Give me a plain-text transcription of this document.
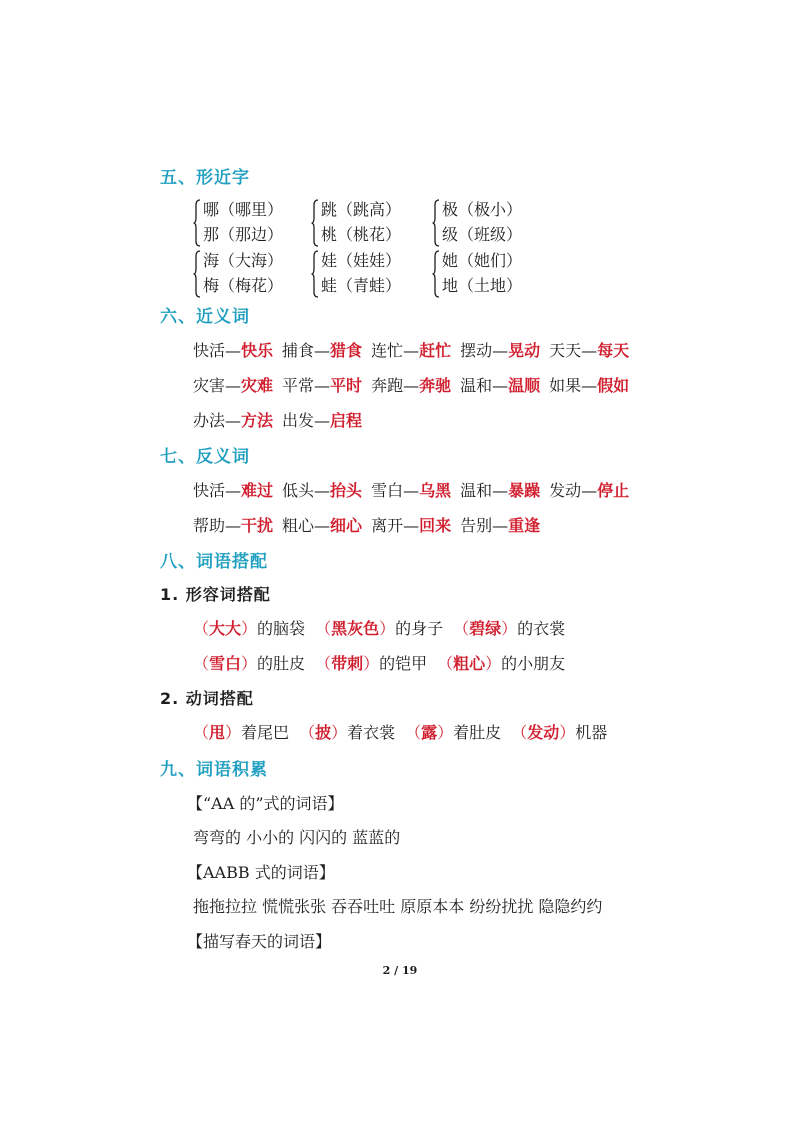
五、形近字
哪（哪里）
那（那边）
跳（跳高）
桃（桃花）
极（极小）
级（班级）
海（大海）
梅（梅花）
娃（娃娃）
蛙（青蛙）
她（她们）
地（土地）
六、近义词
快活—快乐 捕食—猎食 连忙—赶忙 摆动—晃动 天天—每天
灾害—灾难 平常—平时 奔跑—奔驰 温和—温顺 如果—假如
办法—方法 出发—启程
七、反义词
快活—难过 低头—抬头 雪白—乌黑 温和—暴躁 发动—停止
帮助—干扰 粗心—细心 离开—回来 告别—重逢
八、词语搭配
1. 形容词搭配
（大大）的脑袋 （黑灰色）的身子 （碧绿）的衣裳
（雪白）的肚皮 （带刺）的铠甲 （粗心）的小朋友
2. 动词搭配
（甩）着尾巴 （披）着衣裳 （露）着肚皮 （发动）机器
九、词语积累
【“AA 的”式的词语】
弯弯的 小小的 闪闪的 蓝蓝的
【AABB 式的词语】
拖拖拉拉 慌慌张张 吞吞吐吐 原原本本 纷纷扰扰 隐隐约约
【描写春天的词语】
2 / 19
